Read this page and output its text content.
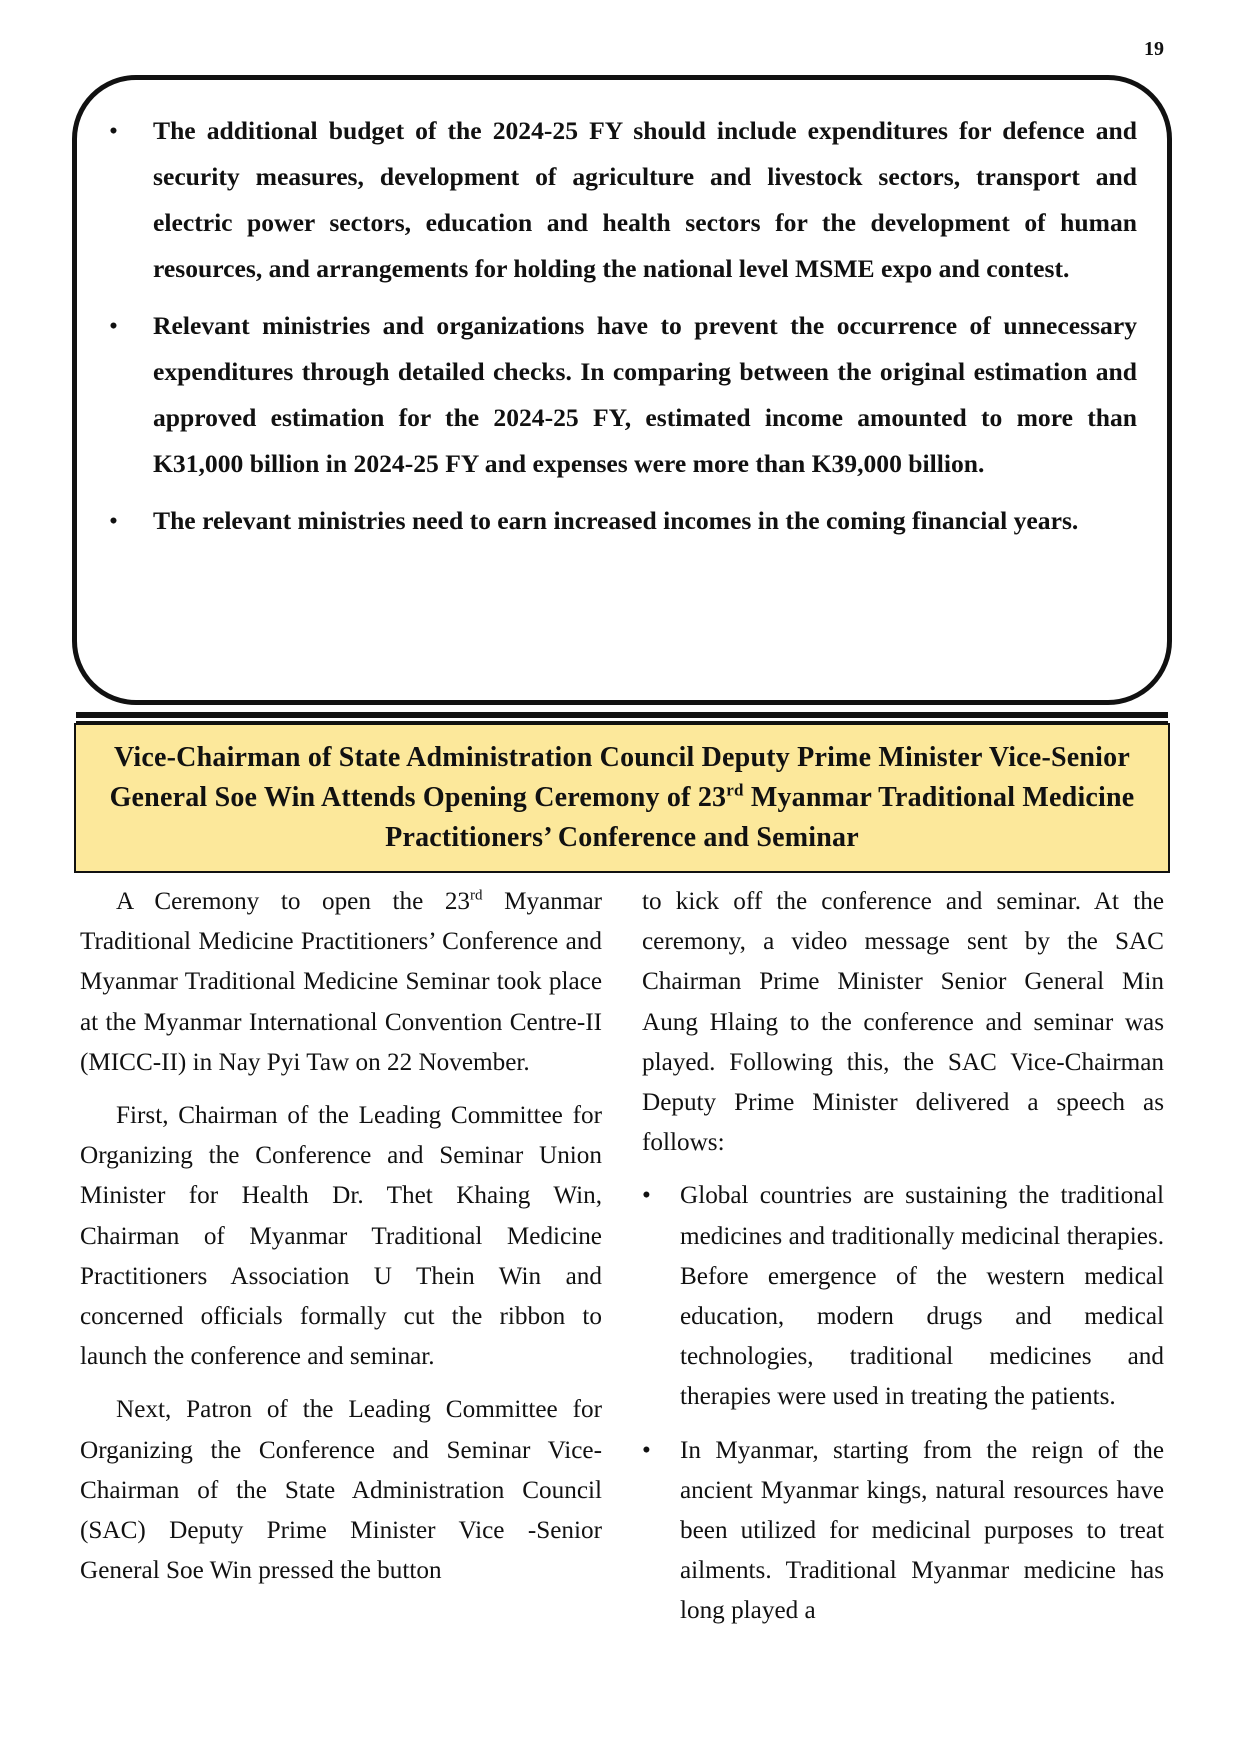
19
• The additional budget of the 2024-25 FY should include expenditures for defence and security measures, development of agriculture and livestock sectors, transport and electric power sectors, education and health sectors for the development of human resources, and arrangements for holding the national level MSME expo and contest.
• Relevant ministries and organizations have to prevent the occurrence of unnecessary expenditures through detailed checks. In comparing between the original estimation and approved estimation for the 2024-25 FY, estimated income amounted to more than K31,000 billion in 2024-25 FY and expenses were more than K39,000 billion.
• The relevant ministries need to earn increased incomes in the coming financial years.
Vice-Chairman of State Administration Council Deputy Prime Minister Vice-Senior General Soe Win Attends Opening Ceremony of 23rd Myanmar Traditional Medicine Practitioners’ Conference and Seminar

A Ceremony to open the 23rd Myanmar Traditional Medicine Practitioners’ Conference and Myanmar Traditional Medicine Seminar took place at the Myanmar International Convention Centre-II (MICC-II) in Nay Pyi Taw on 22 November.

First, Chairman of the Leading Committee for Organizing the Conference and Seminar Union Minister for Health Dr. Thet Khaing Win, Chairman of Myanmar Traditional Medicine Practitioners Association U Thein Win and concerned officials formally cut the ribbon to launch the conference and seminar.

Next, Patron of the Leading Committee for Organizing the Conference and Seminar Vice-Chairman of the State Administration Council (SAC) Deputy Prime Minister Vice -Senior General Soe Win pressed the button

to kick off the conference and seminar. At the ceremony, a video message sent by the SAC Chairman Prime Minister Senior General Min Aung Hlaing to the conference and seminar was played. Following this, the SAC Vice-Chairman Deputy Prime Minister delivered a speech as follows:

• Global countries are sustaining the traditional medicines and traditionally medicinal therapies. Before emergence of the western medical education, modern drugs and medical technologies, traditional medicines and therapies were used in treating the patients.
• In Myanmar, starting from the reign of the ancient Myanmar kings, natural resources have been utilized for medicinal purposes to treat ailments. Traditional Myanmar medicine has long played a
